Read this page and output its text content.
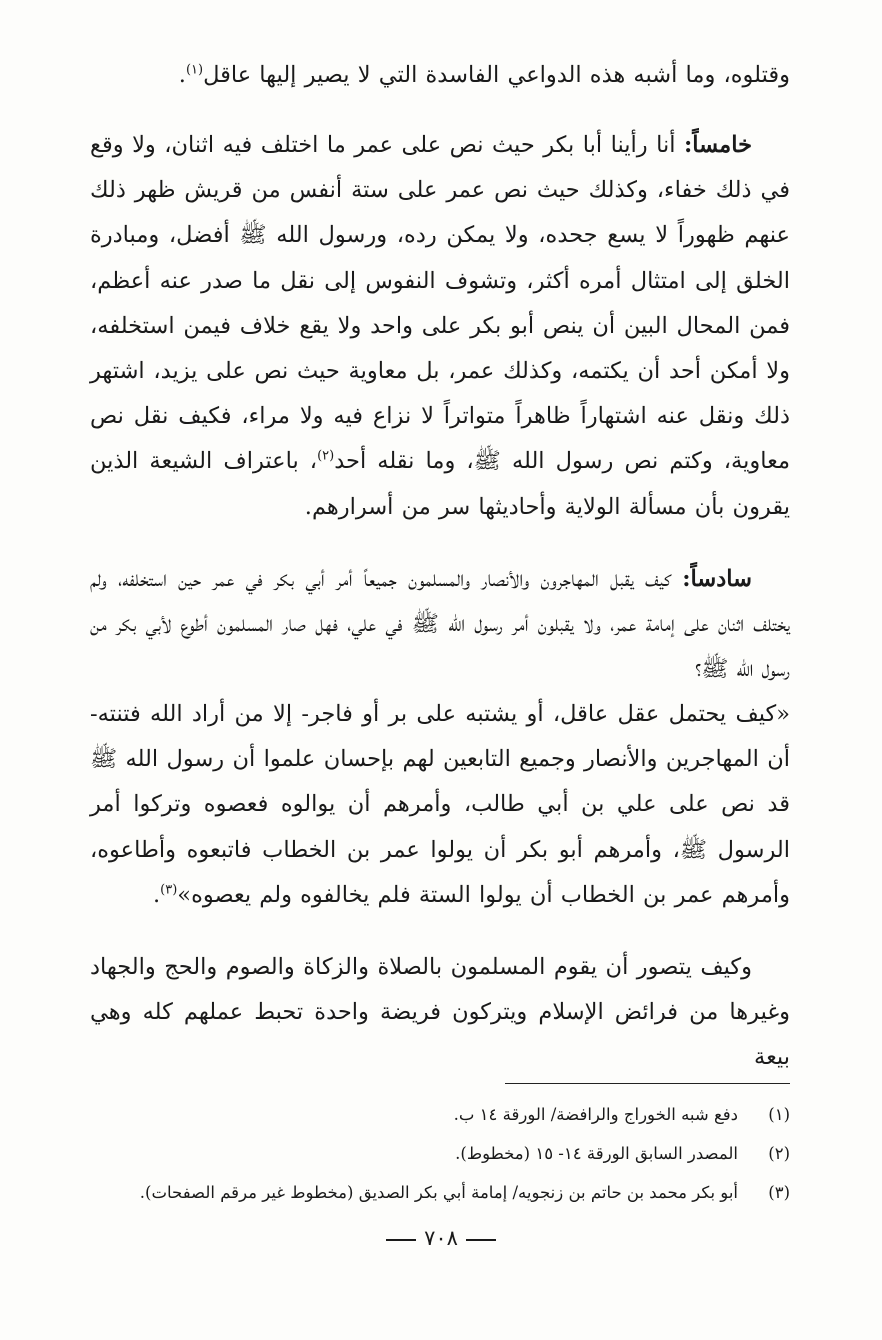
وقتلوه، وما أشبه هذه الدواعي الفاسدة التي لا يصير إليها عاقل$^{(١)}$.
خامساً: أنا رأينا أبا بكر حيث نص على عمر ما اختلف فيه اثنان، ولا وقع في ذلك خفاء، وكذلك حيث نص عمر على ستة أنفس من قريش ظهر ذلك عنهم ظهوراً لا يسع جحده، ولا يمكن رده، ورسول الله ﷺ أفضل، ومبادرة الخلق إلى امتثال أمره أكثر، وتشوف النفوس إلى نقل ما صدر عنه أعظم، فمن المحال البين أن ينص أبو بكر على واحد ولا يقع خلاف فيمن استخلفه، ولا أمكن أحد أن يكتمه، وكذلك عمر، بل معاوية حيث نص على يزيد، اشتهر ذلك ونقل عنه اشتهاراً ظاهراً متواتراً لا نزاع فيه ولا مراء، فكيف نقل نص معاوية، وكتم نص رسول الله ﷺ، وما نقله أحد$^{(٢)}$، باعتراف الشيعة الذين يقرون بأن مسألة الولاية وأحاديثها سر من أسرارهم.
سادساً: كيف يقبل المهاجرون والأنصار والمسلمون جميعاً أمر أبي بكر في عمر حين استخلفه، ولم يختلف اثنان على إمامة عمر، ولا يقبلون أمر رسول الله ﷺ في علي، فهل صار المسلمون أطوع لأبي بكر من رسول الله ﷺ؟
«كيف يحتمل عقل عاقل، أو يشتبه على بر أو فاجر- إلا من أراد الله فتنته- أن المهاجرين والأنصار وجميع التابعين لهم بإحسان علموا أن رسول الله ﷺ قد نص على علي بن أبي طالب، وأمرهم أن يوالوه فعصوه وتركوا أمر الرسول ﷺ، وأمرهم أبو بكر أن يولوا عمر بن الخطاب فاتبعوه وأطاعوه، وأمرهم عمر بن الخطاب أن يولوا الستة فلم يخالفوه ولم يعصوه»$^{(٣)}$.
وكيف يتصور أن يقوم المسلمون بالصلاة والزكاة والصوم والحج والجهاد وغيرها من فرائض الإسلام ويتركون فريضة واحدة تحبط عملهم كله وهي بيعة
(١)
دفع شبه الخوراج والرافضة/ الورقة ١٤ ب.
(٢)
المصدر السابق الورقة ١٤- ١٥ (مخطوط).
(٣)
أبو بكر محمد بن حاتم بن زنجويه/ إمامة أبي بكر الصديق (مخطوط غير مرقم الصفحات).
٧٠٨
